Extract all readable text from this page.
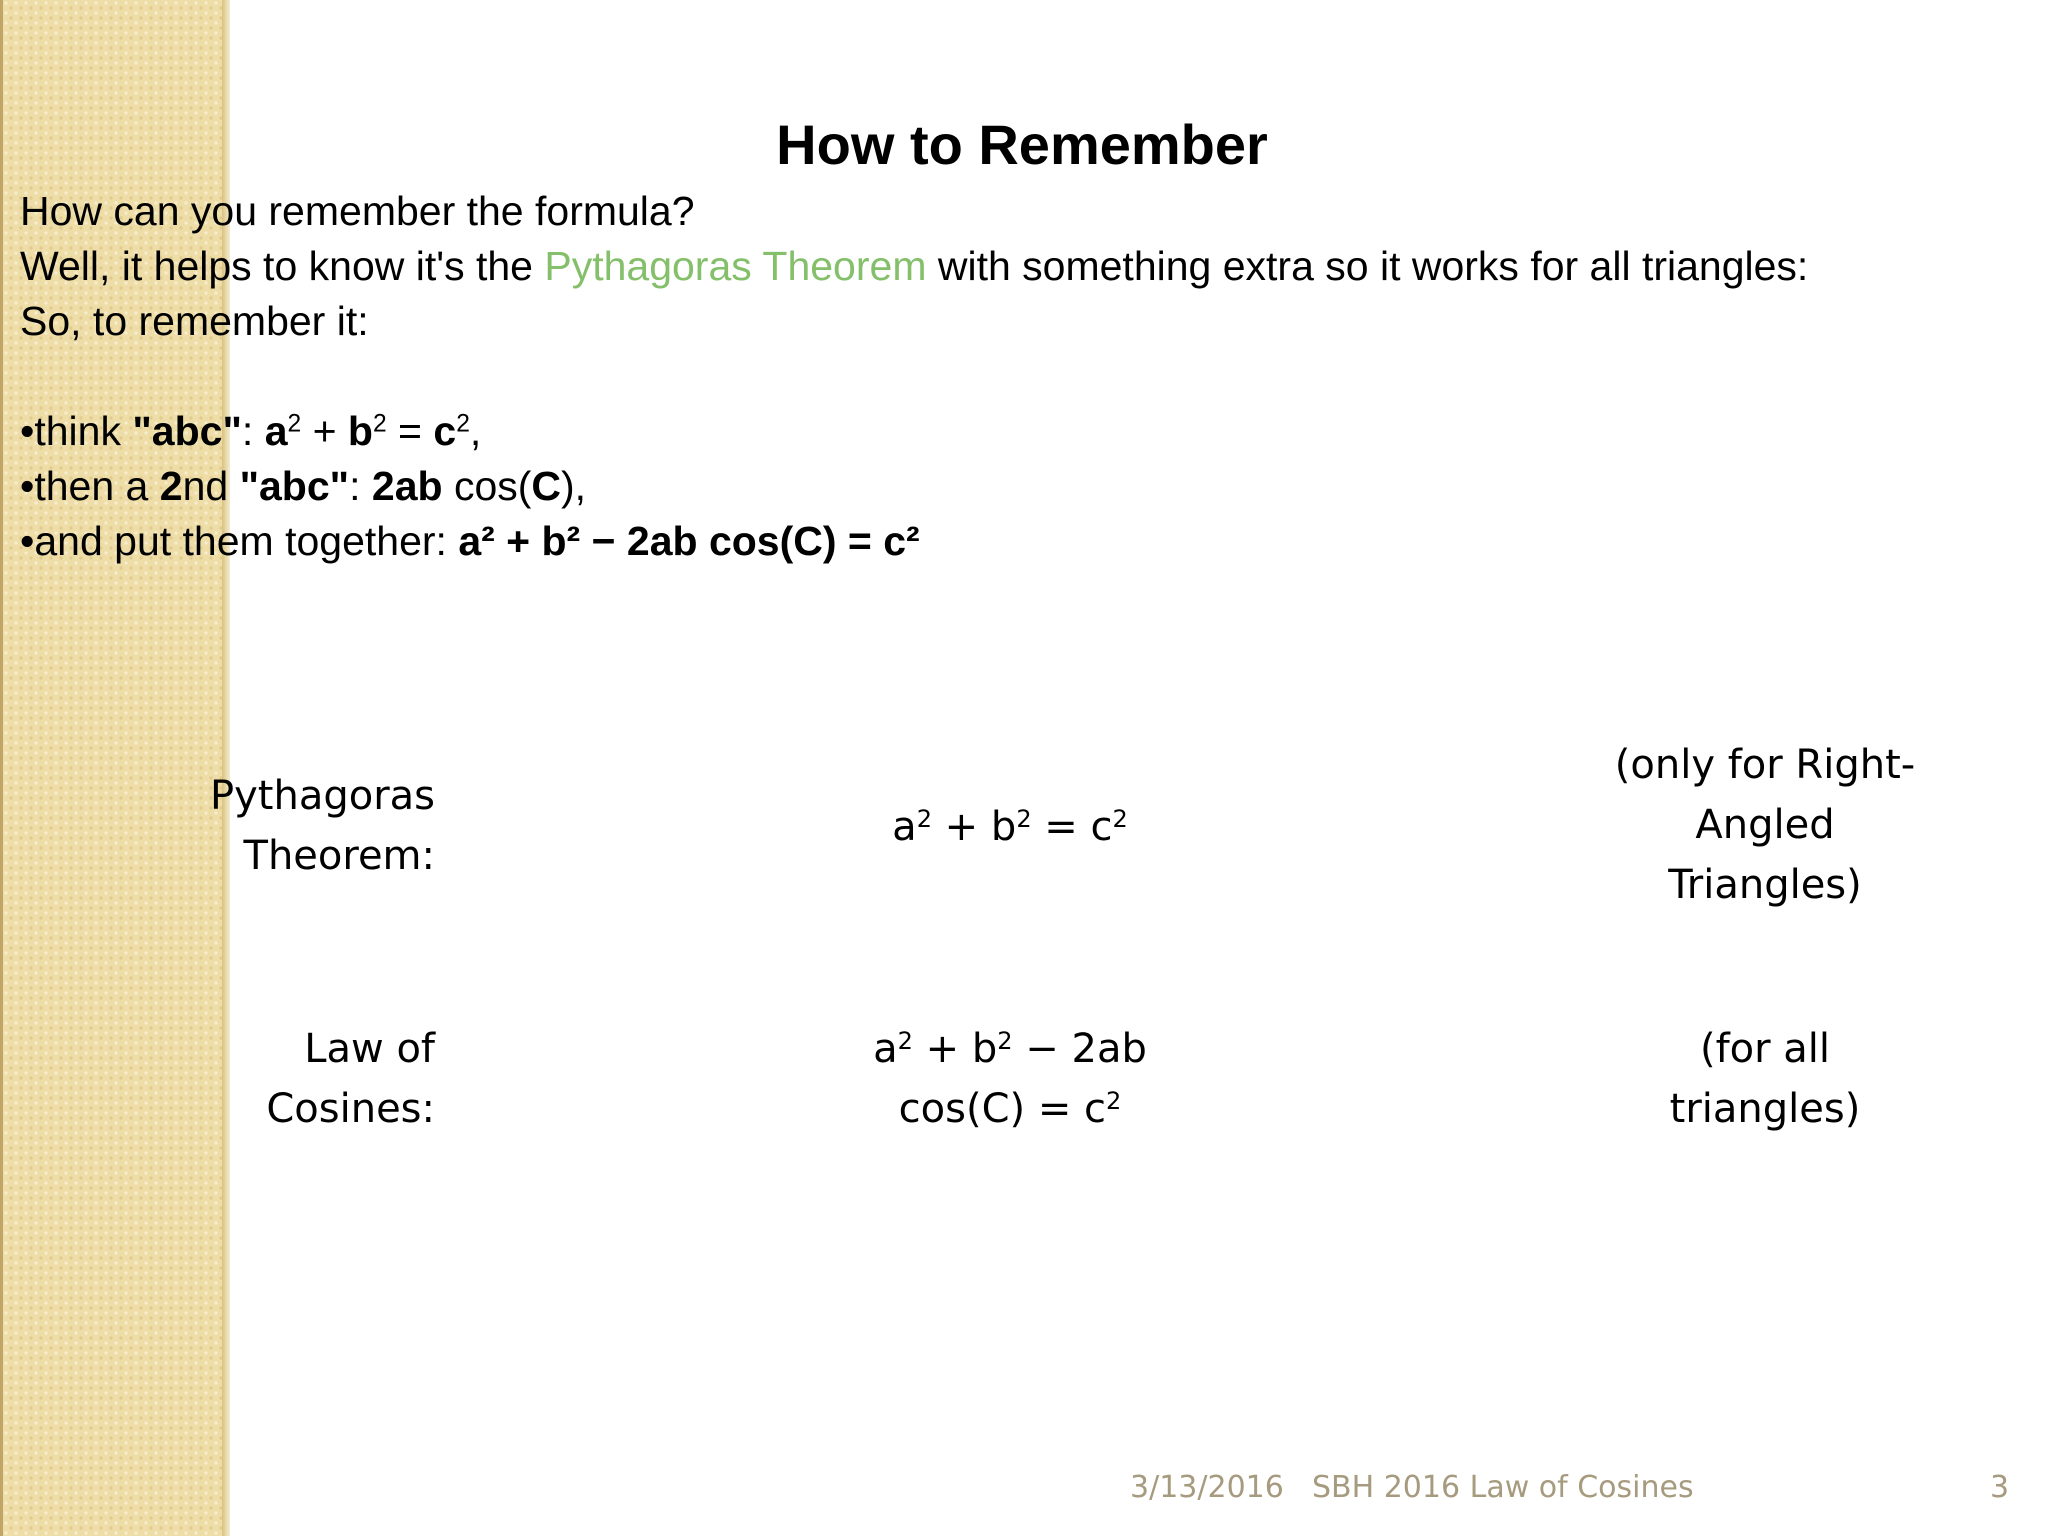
How to Remember
How can you remember the formula?
Well, it helps to know it's the Pythagoras Theorem with something extra so it works for all triangles:
So, to remember it:
•think "abc": $a^2 + b^2 = c^2$,
•then a 2nd "abc": 2ab cos(C),
•and put them together: a² + b² − 2ab cos(C) = c²
Pythagoras
Theorem:
$a^2 + b^2 = c^2$
(only for Right-
Angled
Triangles)
Law of
Cosines:
$a^2 + b^2 - 2ab$
$\cos(C) = c^2$
(for all
triangles)
3/13/2016 SBH 2016 Law of Cosines	3
